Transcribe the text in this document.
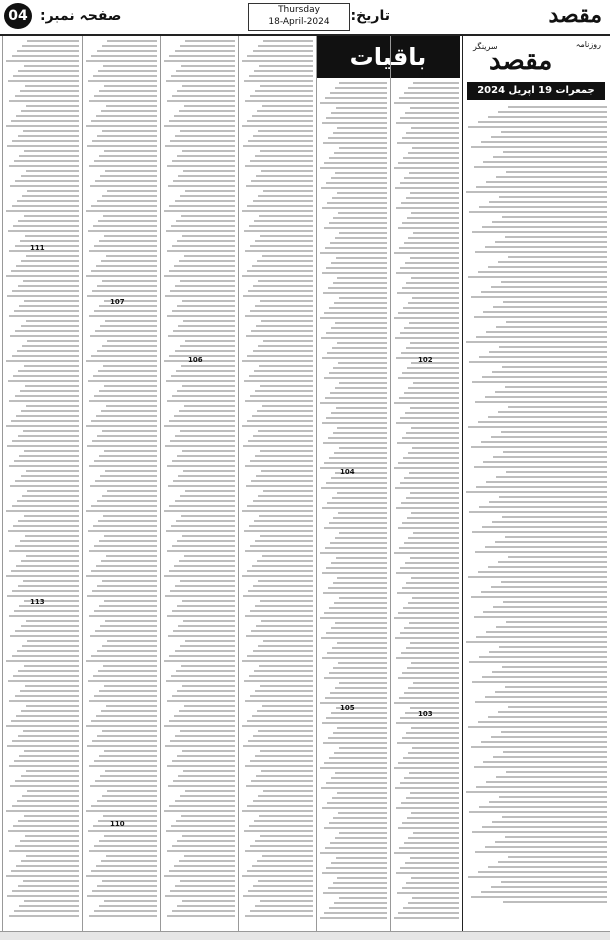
مقصد
تاریخ:
Thursday
18-April-2024
صفحہ نمبر:
04
روزنامہ
مقصد
سرینگر
جمعرات 19 اپریل 2024
باقیات
101
102
103
104
105
106
107
110
111
113
